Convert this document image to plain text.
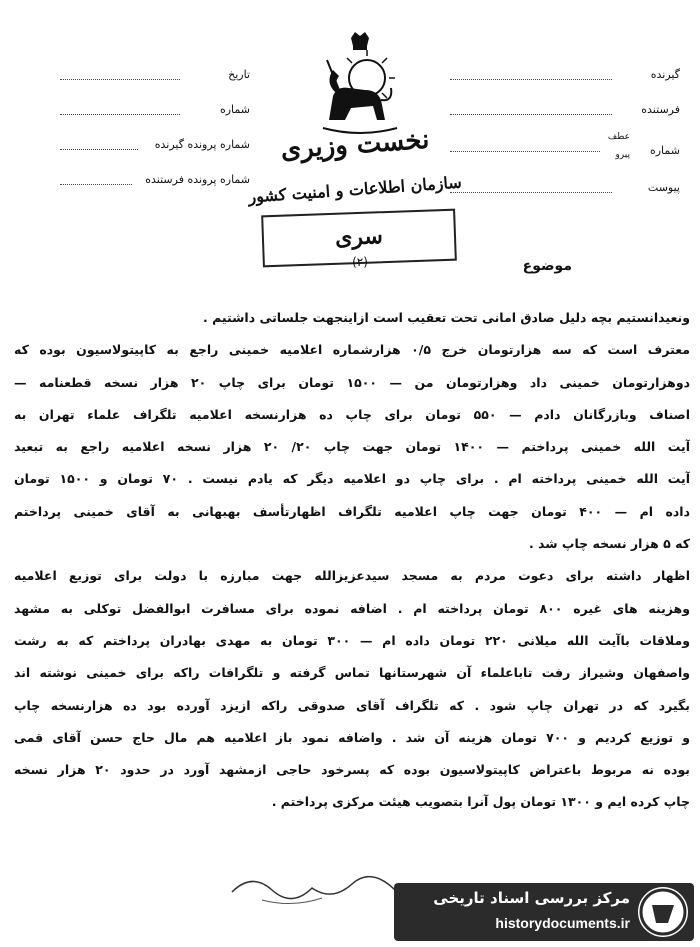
تاریخ
شماره
شماره پرونده گیرنده
شماره پرونده فرستنده
گیرنده
فرستنده
شماره
عطف
پیرو
پیوست
نخست وزیری
سازمان اطلاعات و امنیت کشور
سری
(۲)	موضوع
ونعیدانستیم بچه دلیل صادق امانی تحت تعقیب است ازاینجهت جلساتی داشتیم .
معترف است که سه هزارتومان خرج ۰/۵ هزارشماره اعلامیه خمینی راجع به کاپیتولاسیون بوده که
دوهزارتومان خمینی داد وهزارتومان من — ۱۵۰۰ تومان برای چاپ ۲۰ هزار نسخه قطعنامه —
اصناف وبازرگانان دادم — ۵۵۰ تومان برای چاپ ده هزارنسخه اعلامیه تلگراف علماء تهران به
آیت الله خمینی پرداختم — ۱۴۰۰ تومان جهت چاپ ۲۰/ ۲۰ هزار نسخه اعلامیه راجع به تبعید
آیت الله خمینی پرداخته ام . برای چاپ دو اعلامیه دیگر که یادم نیست . ۷۰ تومان و ۱۵۰۰ تومان
داده ام — ۴۰۰ تومان جهت چاپ اعلامیه تلگراف اظهارتأسف بهبهانی به آقای خمینی پرداختم
که ۵ هزار نسخه چاپ شد .
اظهار داشته برای دعوت مردم به مسجد سیدعزیزالله جهت مبارزه با دولت برای توزیع اعلامیه
وهزینه های غیره ۸۰۰ تومان پرداخته ام . اضافه نموده برای مسافرت ابوالفضل توکلی به مشهد
وملاقات باآیت الله میلانی ۲۲۰ تومان داده ام — ۳۰۰ تومان به مهدی بهادران پرداختم که به رشت
واصفهان وشیراز رفت تاباعلماء آن شهرستانها تماس گرفته و تلگرافات راکه برای خمینی نوشته اند
بگیرد که در تهران چاپ شود . که تلگراف آقای صدوقی راکه ازیزد آورده بود ده هزارنسخه چاپ
و توزیع کردیم و ۷۰۰ تومان هزینه آن شد . واضافه نمود باز اعلامیه هم مال حاج حسن آقای قمی
بوده نه مربوط باعتراض کاپیتولاسیون بوده که پسرخود حاجی ازمشهد آورد در حدود ۲۰ هزار نسخه
چاپ کرده ایم و ۱۳۰۰ تومان پول آنرا بتصویب هیئت مرکزی پرداختم .
مرکز بررسی اسناد تاریخی
historydocuments.ir
